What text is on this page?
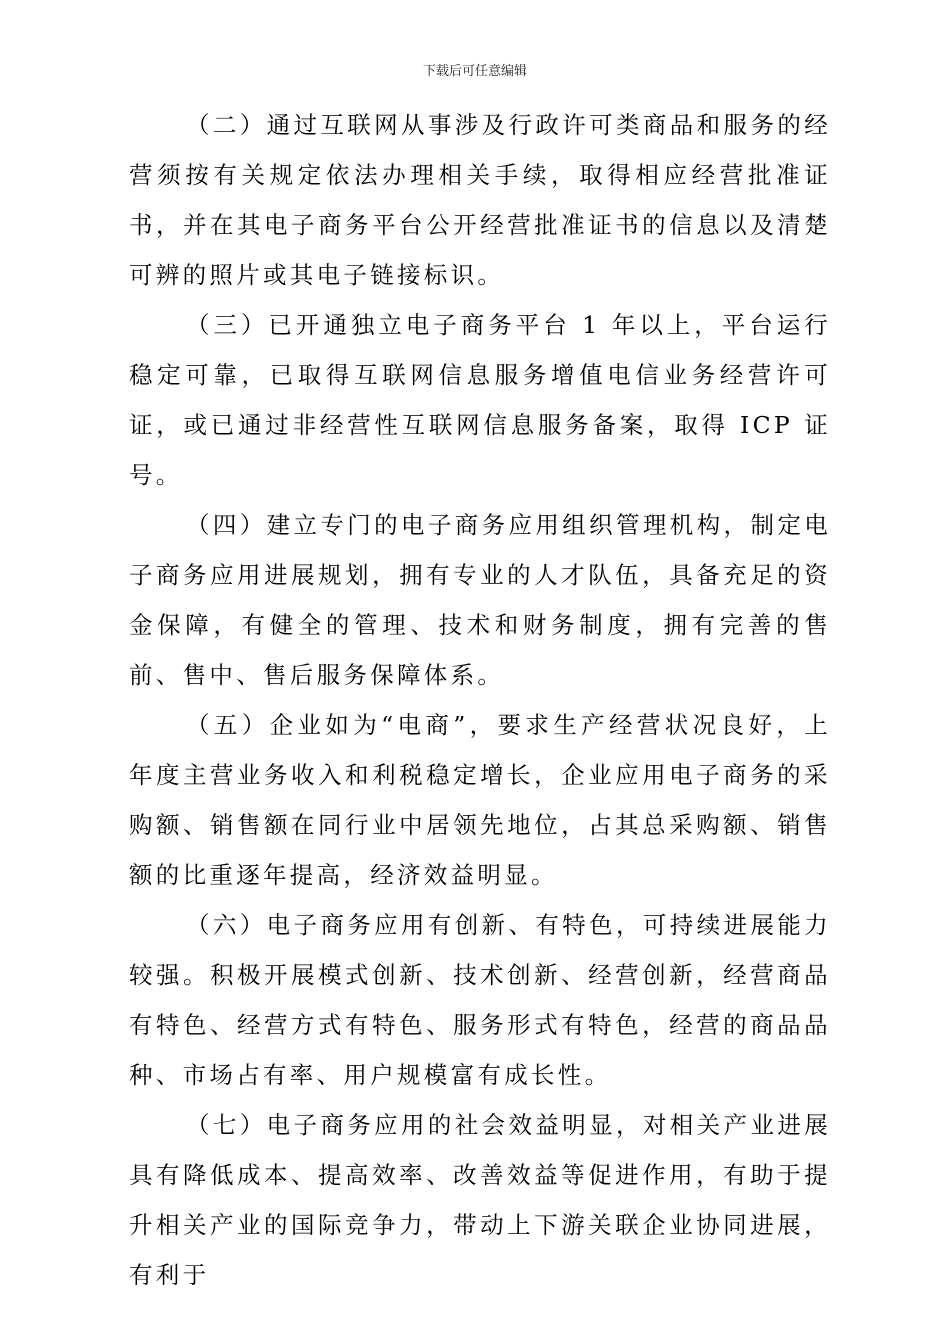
下载后可任意编辑

（二）通过互联网从事涉及行政许可类商品和服务的经营须按有关规定依法办理相关手续，取得相应经营批准证书，并在其电子商务平台公开经营批准证书的信息以及清楚可辨的照片或其电子链接标识。

（三）已开通独立电子商务平台 1 年以上，平台运行稳定可靠，已取得互联网信息服务增值电信业务经营许可证，或已通过非经营性互联网信息服务备案，取得 ICP 证号。

（四）建立专门的电子商务应用组织管理机构，制定电子商务应用进展规划，拥有专业的人才队伍，具备充足的资金保障，有健全的管理、技术和财务制度，拥有完善的售前、售中、售后服务保障体系。

（五）企业如为“电商”，要求生产经营状况良好，上年度主营业务收入和利税稳定增长，企业应用电子商务的采购额、销售额在同行业中居领先地位，占其总采购额、销售额的比重逐年提高，经济效益明显。

（六）电子商务应用有创新、有特色，可持续进展能力较强。积极开展模式创新、技术创新、经营创新，经营商品有特色、经营方式有特色、服务形式有特色，经营的商品品种、市场占有率、用户规模富有成长性。

（七）电子商务应用的社会效益明显，对相关产业进展具有降低成本、提高效率、改善效益等促进作用，有助于提升相关产业的国际竞争力，带动上下游关联企业协同进展，有利于
